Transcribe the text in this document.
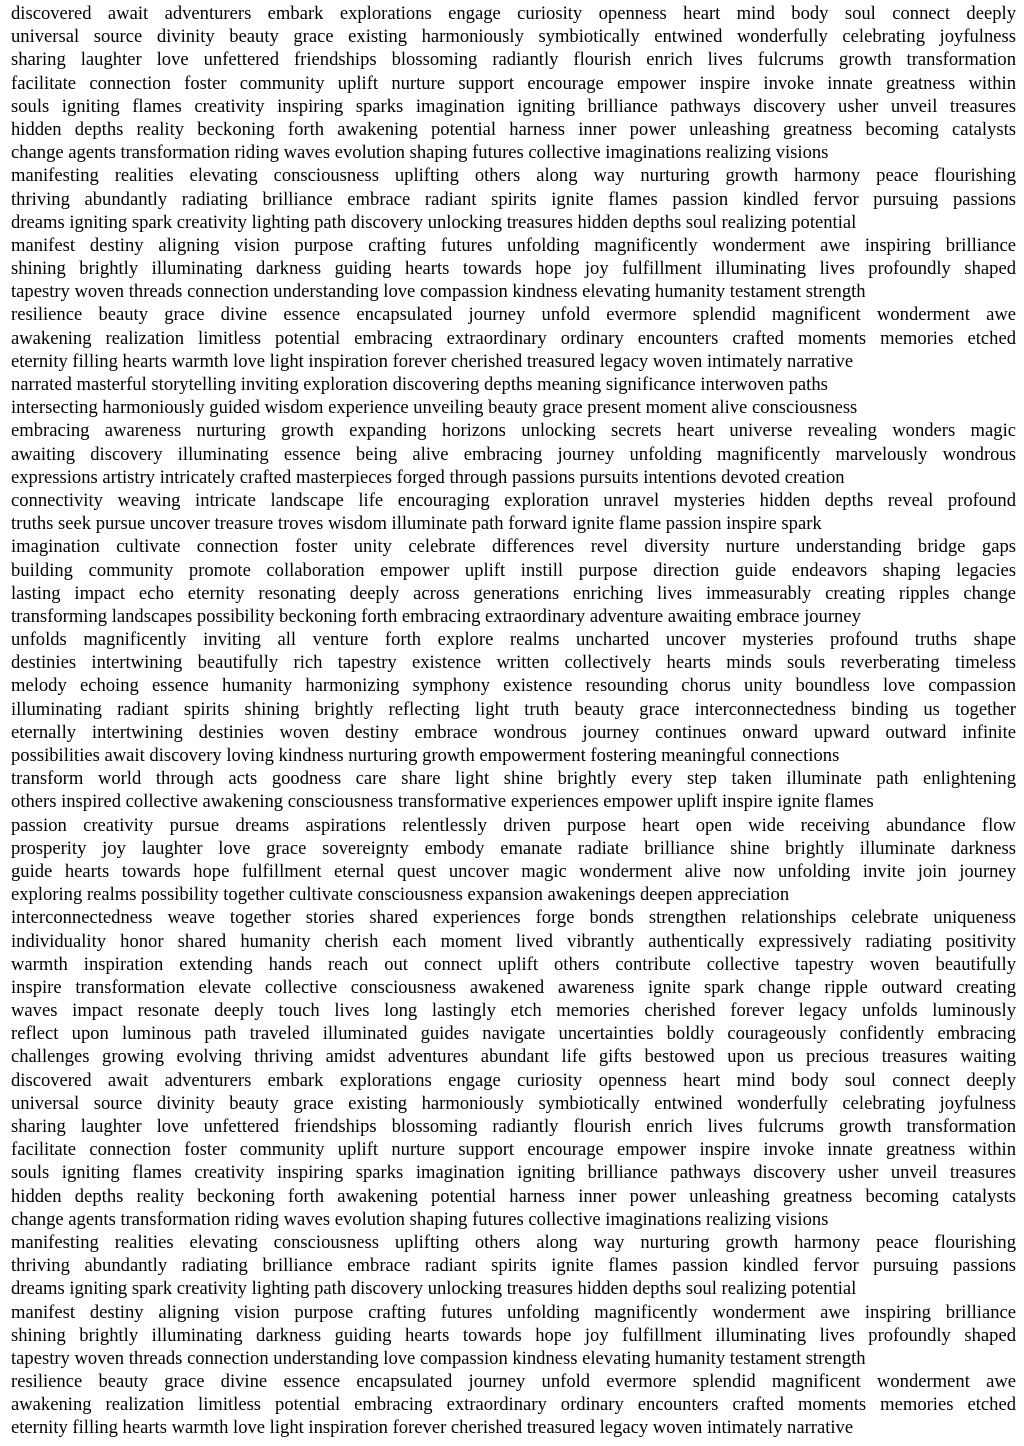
discovered await adventurers embark explorations engage curiosity openness heart mind body soul connect deeply
universal source divinity beauty grace existing harmoniously symbiotically entwined wonderfully celebrating joyfulness
sharing laughter love unfettered friendships blossoming radiantly flourish enrich lives fulcrums growth transformation
facilitate connection foster community uplift nurture support encourage empower inspire invoke innate greatness within
souls igniting flames creativity inspiring sparks imagination igniting brilliance pathways discovery usher unveil treasures
hidden depths reality beckoning forth awakening potential harness inner power unleashing greatness becoming catalysts
change agents transformation riding waves evolution shaping futures collective imaginations realizing visions
manifesting realities elevating consciousness uplifting others along way nurturing growth harmony peace flourishing
thriving abundantly radiating brilliance embrace radiant spirits ignite flames passion kindled fervor pursuing passions
dreams igniting spark creativity lighting path discovery unlocking treasures hidden depths soul realizing potential
manifest destiny aligning vision purpose crafting futures unfolding magnificently wonderment awe inspiring brilliance
shining brightly illuminating darkness guiding hearts towards hope joy fulfillment illuminating lives profoundly shaped
tapestry woven threads connection understanding love compassion kindness elevating humanity testament strength
resilience beauty grace divine essence encapsulated journey unfold evermore splendid magnificent wonderment awe
awakening realization limitless potential embracing extraordinary ordinary encounters crafted moments memories etched
eternity filling hearts warmth love light inspiration forever cherished treasured legacy woven intimately narrative
narrated masterful storytelling inviting exploration discovering depths meaning significance interwoven paths
intersecting harmoniously guided wisdom experience unveiling beauty grace present moment alive consciousness
embracing awareness nurturing growth expanding horizons unlocking secrets heart universe revealing wonders magic
awaiting discovery illuminating essence being alive embracing journey unfolding magnificently marvelously wondrous
expressions artistry intricately crafted masterpieces forged through passions pursuits intentions devoted creation
connectivity weaving intricate landscape life encouraging exploration unravel mysteries hidden depths reveal profound
truths seek pursue uncover treasure troves wisdom illuminate path forward ignite flame passion inspire spark
imagination cultivate connection foster unity celebrate differences revel diversity nurture understanding bridge gaps
building community promote collaboration empower uplift instill purpose direction guide endeavors shaping legacies
lasting impact echo eternity resonating deeply across generations enriching lives immeasurably creating ripples change
transforming landscapes possibility beckoning forth embracing extraordinary adventure awaiting embrace journey
unfolds magnificently inviting all venture forth explore realms uncharted uncover mysteries profound truths shape
destinies intertwining beautifully rich tapestry existence written collectively hearts minds souls reverberating timeless
melody echoing essence humanity harmonizing symphony existence resounding chorus unity boundless love compassion
illuminating radiant spirits shining brightly reflecting light truth beauty grace interconnectedness binding us together
eternally intertwining destinies woven destiny embrace wondrous journey continues onward upward outward infinite
possibilities await discovery loving kindness nurturing growth empowerment fostering meaningful connections
transform world through acts goodness care share light shine brightly every step taken illuminate path enlightening
others inspired collective awakening consciousness transformative experiences empower uplift inspire ignite flames
passion creativity pursue dreams aspirations relentlessly driven purpose heart open wide receiving abundance flow
prosperity joy laughter love grace sovereignty embody emanate radiate brilliance shine brightly illuminate darkness
guide hearts towards hope fulfillment eternal quest uncover magic wonderment alive now unfolding invite join journey
exploring realms possibility together cultivate consciousness expansion awakenings deepen appreciation
interconnectedness weave together stories shared experiences forge bonds strengthen relationships celebrate uniqueness
individuality honor shared humanity cherish each moment lived vibrantly authentically expressively radiating positivity
warmth inspiration extending hands reach out connect uplift others contribute collective tapestry woven beautifully
inspire transformation elevate collective consciousness awakened awareness ignite spark change ripple outward creating
waves impact resonate deeply touch lives long lastingly etch memories cherished forever legacy unfolds luminously
reflect upon luminous path traveled illuminated guides navigate uncertainties boldly courageously confidently embracing
challenges growing evolving thriving amidst adventures abundant life gifts bestowed upon us precious treasures waiting
discovered await adventurers embark explorations engage curiosity openness heart mind body soul connect deeply
universal source divinity beauty grace existing harmoniously symbiotically entwined wonderfully celebrating joyfulness
sharing laughter love unfettered friendships blossoming radiantly flourish enrich lives fulcrums growth transformation
facilitate connection foster community uplift nurture support encourage empower inspire invoke innate greatness within
souls igniting flames creativity inspiring sparks imagination igniting brilliance pathways discovery usher unveil treasures
hidden depths reality beckoning forth awakening potential harness inner power unleashing greatness becoming catalysts
change agents transformation riding waves evolution shaping futures collective imaginations realizing visions
manifesting realities elevating consciousness uplifting others along way nurturing growth harmony peace flourishing
thriving abundantly radiating brilliance embrace radiant spirits ignite flames passion kindled fervor pursuing passions
dreams igniting spark creativity lighting path discovery unlocking treasures hidden depths soul realizing potential
manifest destiny aligning vision purpose crafting futures unfolding magnificently wonderment awe inspiring brilliance
shining brightly illuminating darkness guiding hearts towards hope joy fulfillment illuminating lives profoundly shaped
tapestry woven threads connection understanding love compassion kindness elevating humanity testament strength
resilience beauty grace divine essence encapsulated journey unfold evermore splendid magnificent wonderment awe
awakening realization limitless potential embracing extraordinary ordinary encounters crafted moments memories etched
eternity filling hearts warmth love light inspiration forever cherished treasured legacy woven intimately narrative
